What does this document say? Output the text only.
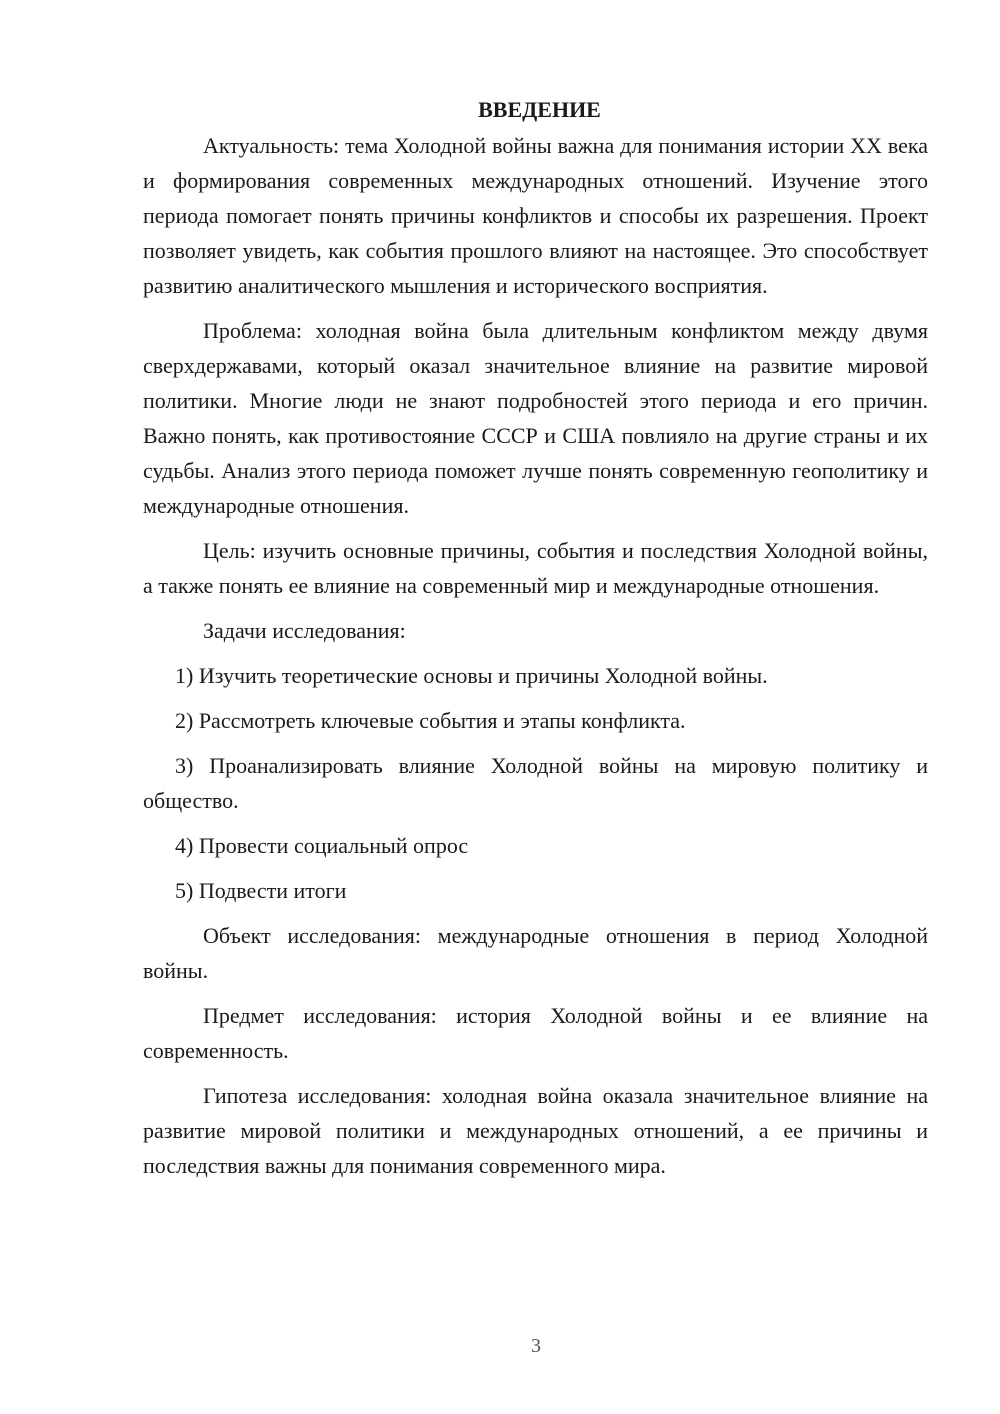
ВВЕДЕНИЕ

Актуальность: тема Холодной войны важна для понимания истории XX века и формирования современных международных отношений. Изучение этого периода помогает понять причины конфликтов и способы их разрешения. Проект позволяет увидеть, как события прошлого влияют на настоящее. Это способствует развитию аналитического мышления и исторического восприятия.

Проблема: холодная война была длительным конфликтом между двумя сверхдержавами, который оказал значительное влияние на развитие мировой политики. Многие люди не знают подробностей этого периода и его причин. Важно понять, как противостояние СССР и США повлияло на другие страны и их судьбы. Анализ этого периода поможет лучше понять современную геополитику и международные отношения.

Цель: изучить основные причины, события и последствия Холодной войны, а также понять ее влияние на современный мир и международные отношения.

Задачи исследования:

1) Изучить теоретические основы и причины Холодной войны.

2) Рассмотреть ключевые события и этапы конфликта.

3) Проанализировать влияние Холодной войны на мировую политику и общество.

4) Провести социальный опрос

5) Подвести итоги

Объект исследования: международные отношения в период Холодной войны.

Предмет исследования: история Холодной войны и ее влияние на современность.

Гипотеза исследования: холодная война оказала значительное влияние на развитие мировой политики и международных отношений, а ее причины и последствия важны для понимания современного мира.

3
